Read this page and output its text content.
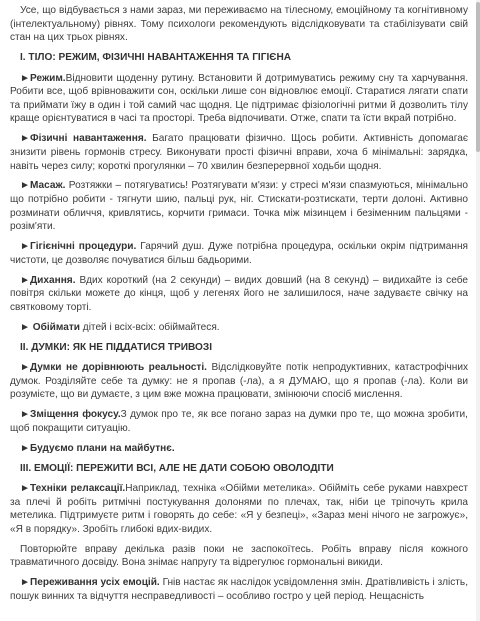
Усе, що відбувається з нами зараз, ми переживаємо на тілесному, емоційному та когнітивному (інтелектуальному) рівнях. Тому психологи рекомендують відслідковувати та стабілізувати свій стан на цих трьох рівнях.

І. ТІЛО: РЕЖИМ, ФІЗИЧНІ НАВАНТАЖЕННЯ ТА ГІГІЄНА

►Режим.Відновити щоденну рутину. Встановити й дотримуватись режиму сну та харчування. Робити все, щоб врівноважити сон, оскільки лише сон відновлює емоції. Старатися лягати спати та приймати їжу в один і той самий час щодня. Це підтримає фізіологічні ритми й дозволить тілу краще орієнтуватися в часі та просторі. Треба відпочивати. Отже, спати та їсти вкрай потрібно.

►Фізичні навантаження. Багато працювати фізично. Щось робити. Активність допомагає знизити рівень гормонів стресу. Виконувати прості фізичні вправи, хоча б мінімальні: зарядка, навіть через силу; короткі прогулянки – 70 хвилин безперервної ходьби щодня.

►Масаж. Розтяжки – потягуватись! Розтягувати м'язи: у стресі м'язи спазмуються, мінімально що потрібно робити - тягнути шию, пальці рук, ніг. Стискати-розтискати, терти долоні. Активно розминати обличчя, кривлятись, корчити гримаси. Точка між мізинцем і безіменним пальцями - розім'яти.

►Гігієнічні процедури. Гарячий душ. Дуже потрібна процедура, оскільки окрім підтримання чистоти, це дозволяє почуватися більш бадьорими.

►Дихання. Вдих короткий (на 2 секунди) – видих довший (на 8 секунд) – видихайте із себе повітря скільки можете до кінця, щоб у легенях його не залишилося, наче задуваєте свічку на святковому торті.

► Обіймати дітей і всіх-всіх: обіймайтеся.

ІІ. ДУМКИ: ЯК НЕ ПІДДАТИСЯ ТРИВОЗІ

►Думки не дорівнюють реальності. Відслідковуйте потік непродуктивних, катастрофічних думок. Розділяйте себе та думку: не я пропав (-ла), а я ДУМАЮ, що я пропав (-ла). Коли ви розумієте, що ви думаєте, з цим вже можна працювати, змінюючи спосіб мислення.

►Зміщення фокусу.З думок про те, як все погано зараз на думки про те, що можна зробити, щоб покращити ситуацію.

►Будуємо плани на майбутнє.

ІІІ. ЕМОЦІЇ: ПЕРЕЖИТИ ВСІ, АЛЕ НЕ ДАТИ СОБОЮ ОВОЛОДІТИ

►Техніки релаксації.Наприклад, техніка «Обійми метелика». Обійміть себе руками навхрест за плечі й робіть ритмічні постукування долонями по плечах, так, ніби це тріпочуть крила метелика. Підтримуєте ритм і говорять до себе: «Я у безпеці», «Зараз мені нічого не загрожує», «Я в порядку». Зробіть глибокі вдих-видих.

Повторюйте вправу декілька разів поки не заспокоїтесь. Робіть вправу після кожного травматичного досвіду. Вона знімає напругу та відрегулює гормональні викиди.

►Переживання усіх емоцій. Гнів настає як наслідок усвідомлення змін. Дратівливість і злість, пошук винних та відчуття несправедливості – особливо гостро у цей період. Нещасність
